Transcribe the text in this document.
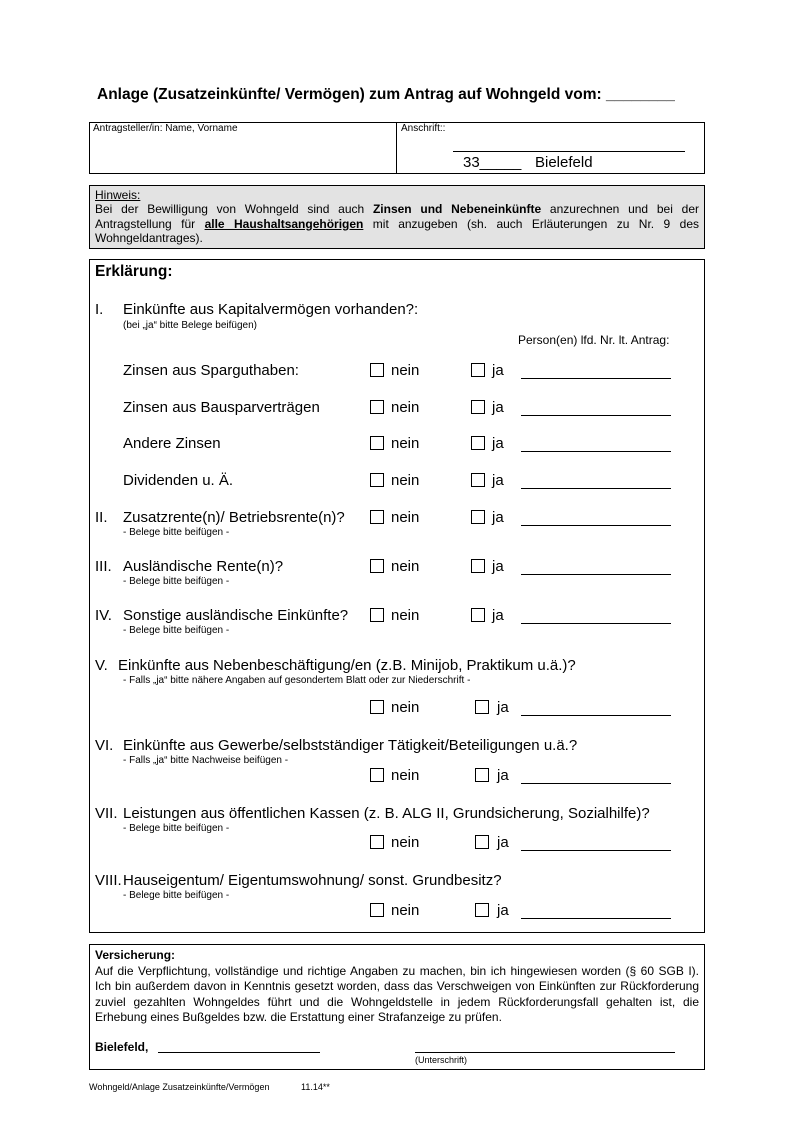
Anlage (Zusatzeinkünfte/ Vermögen) zum Antrag auf Wohngeld vom: ________
Antragsteller/in: Name, Vorname	Anschrift::
33_____ Bielefeld
Hinweis:
Bei der Bewilligung von Wohngeld sind auch Zinsen und Nebeneinkünfte anzurechnen und bei der Antragstellung für alle Haushaltsangehörigen mit anzugeben (sh. auch Erläuterungen zu Nr. 9 des Wohngeldantrages).
Erklärung:
I. Einkünfte aus Kapitalvermögen vorhanden?:
(bei „ja“ bitte Belege beifügen)
Person(en) lfd. Nr. lt. Antrag:
Zinsen aus Sparguthaben:	nein	ja
Zinsen aus Bausparverträgen	nein	ja
Andere Zinsen	nein	ja
Dividenden u. Ä.	nein	ja
II. Zusatzrente(n)/ Betriebsrente(n)?
- Belege bitte beifügen -
nein	ja
III. Ausländische Rente(n)?
- Belege bitte beifügen -
nein	ja
IV. Sonstige ausländische Einkünfte?
- Belege bitte beifügen -
nein	ja
V. Einkünfte aus Nebenbeschäftigung/en (z.B. Minijob, Praktikum u.ä.)?
- Falls „ja“ bitte nähere Angaben auf gesondertem Blatt oder zur Niederschrift -
nein	ja
VI. Einkünfte aus Gewerbe/selbstständiger Tätigkeit/Beteiligungen u.ä.?
- Falls „ja“ bitte Nachweise beifügen -
nein	ja
VII. Leistungen aus öffentlichen Kassen (z. B. ALG II, Grundsicherung, Sozialhilfe)?
- Belege bitte beifügen -
nein	ja
VIII. Hauseigentum/ Eigentumswohnung/ sonst. Grundbesitz?
- Belege bitte beifügen -
nein	ja
Versicherung:
Auf die Verpflichtung, vollständige und richtige Angaben zu machen, bin ich hingewiesen worden (§ 60 SGB I). Ich bin außerdem davon in Kenntnis gesetzt worden, dass das Verschweigen von Einkünften zur Rückforderung zuviel gezahlten Wohngeldes führt und die Wohngeldstelle in jedem Rückforderungsfall gehalten ist, die Erhebung eines Bußgeldes bzw. die Erstattung einer Strafanzeige zu prüfen.
Bielefeld,
(Unterschrift)
Wohngeld/Anlage Zusatzeinkünfte/Vermögen	11.14**
